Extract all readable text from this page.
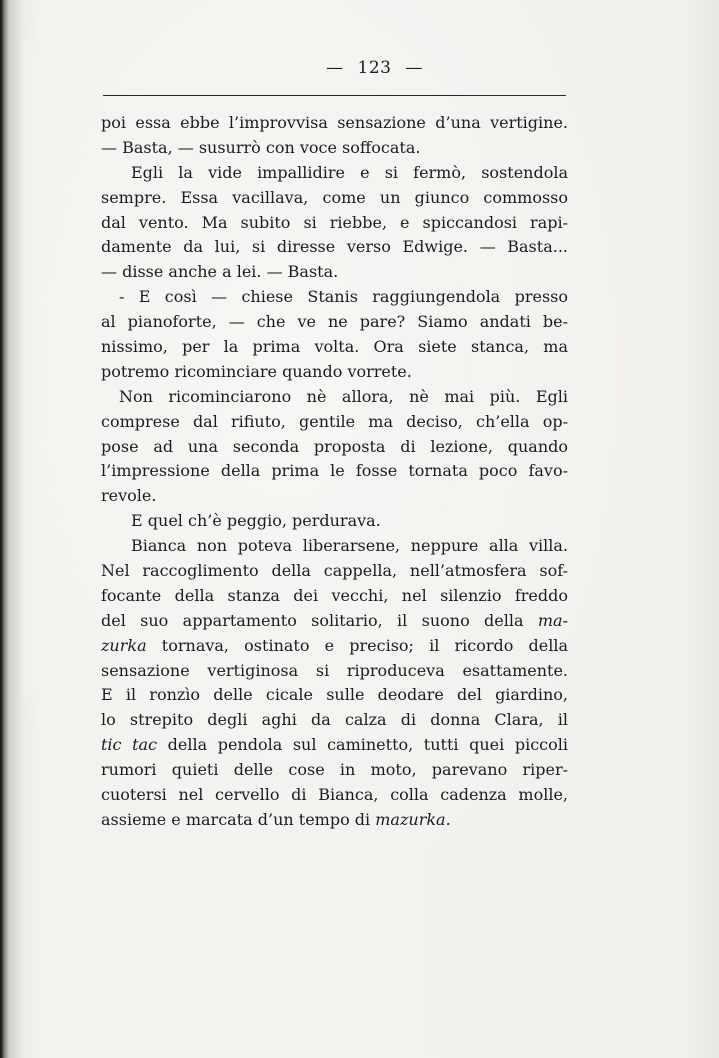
— 123 —
poi essa ebbe l’improvvisa sensazione d’una vertigine.
— Basta, — susurrò con voce soffocata.
Egli la vide impallidire e si fermò, sostendola
sempre. Essa vacillava, come un giunco commosso
dal vento. Ma subito si riebbe, e spiccandosi rapi-
damente da lui, si diresse verso Edwige. — Basta...
— disse anche a lei. — Basta.
- E così — chiese Stanis raggiungendola presso
al pianoforte, — che ve ne pare? Siamo andati be-
nissimo, per la prima volta. Ora siete stanca, ma
potremo ricominciare quando vorrete.
Non ricominciarono nè allora, nè mai più. Egli
comprese dal rifiuto, gentile ma deciso, ch’ella op-
pose ad una seconda proposta di lezione, quando
l’impressione della prima le fosse tornata poco favo-
revole.
E quel ch’è peggio, perdurava.
Bianca non poteva liberarsene, neppure alla villa.
Nel raccoglimento della cappella, nell’atmosfera sof-
focante della stanza dei vecchi, nel silenzio freddo
del suo appartamento solitario, il suono della ma-
zurka tornava, ostinato e preciso; il ricordo della
sensazione vertiginosa si riproduceva esattamente.
E il ronzìo delle cicale sulle deodare del giardino,
lo strepito degli aghi da calza di donna Clara, il
tic tac della pendola sul caminetto, tutti quei piccoli
rumori quieti delle cose in moto, parevano riper-
cuotersi nel cervello di Bianca, colla cadenza molle,
assieme e marcata d’un tempo di mazurka.
